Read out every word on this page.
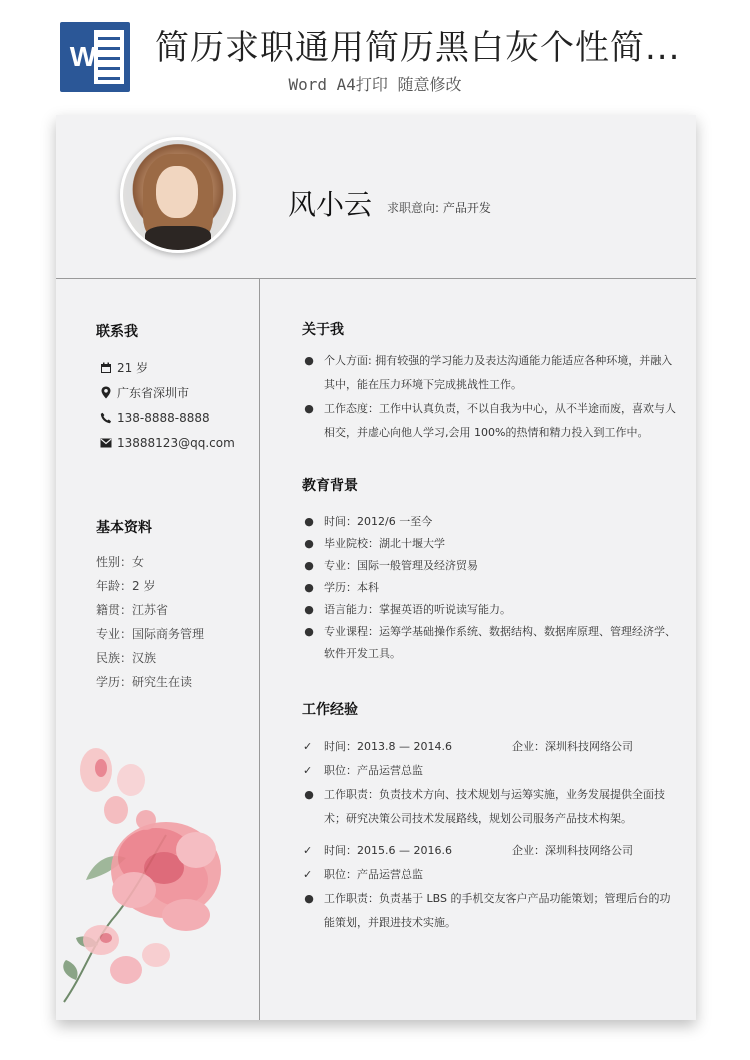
W 简历求职通用简历黑白灰个性简...
Word A4打印 随意修改
风小云 求职意向: 产品开发
联系我
21 岁
广东省深圳市
138-8888-8888
13888123@qq.com
基本资料
性别：女
年龄：2 岁
籍贯：江苏省
专业：国际商务管理
民族：汉族
学历：研究生在读
关于我
● 个人方面: 拥有较强的学习能力及表达沟通能力能适应各种环境，并融入其中，能在压力环境下完成挑战性工作。
● 工作态度：工作中认真负责，不以自我为中心，从不半途而废，喜欢与人相交，并虚心向他人学习,会用 100%的热情和精力投入到工作中。
教育背景
● 时间：2012/6 一至今
● 毕业院校：湖北十堰大学
● 专业：国际一般管理及经济贸易
● 学历：本科
● 语言能力：掌握英语的听说读写能力。
● 专业课程：运筹学基础操作系统、数据结构、数据库原理、管理经济学、软件开发工具。
工作经验
✓ 时间：2013.8 — 2014.6	企业：深圳科技网络公司
✓ 职位：产品运营总监
● 工作职责：负责技术方向、技术规划与运筹实施，业务发展提供全面技术；研究决策公司技术发展路线，规划公司服务产品技术构架。
✓ 时间：2015.6 — 2016.6	企业：深圳科技网络公司
✓ 职位：产品运营总监
● 工作职责：负责基于 LBS 的手机交友客户产品功能策划；管理后台的功能策划，并跟进技术实施。
